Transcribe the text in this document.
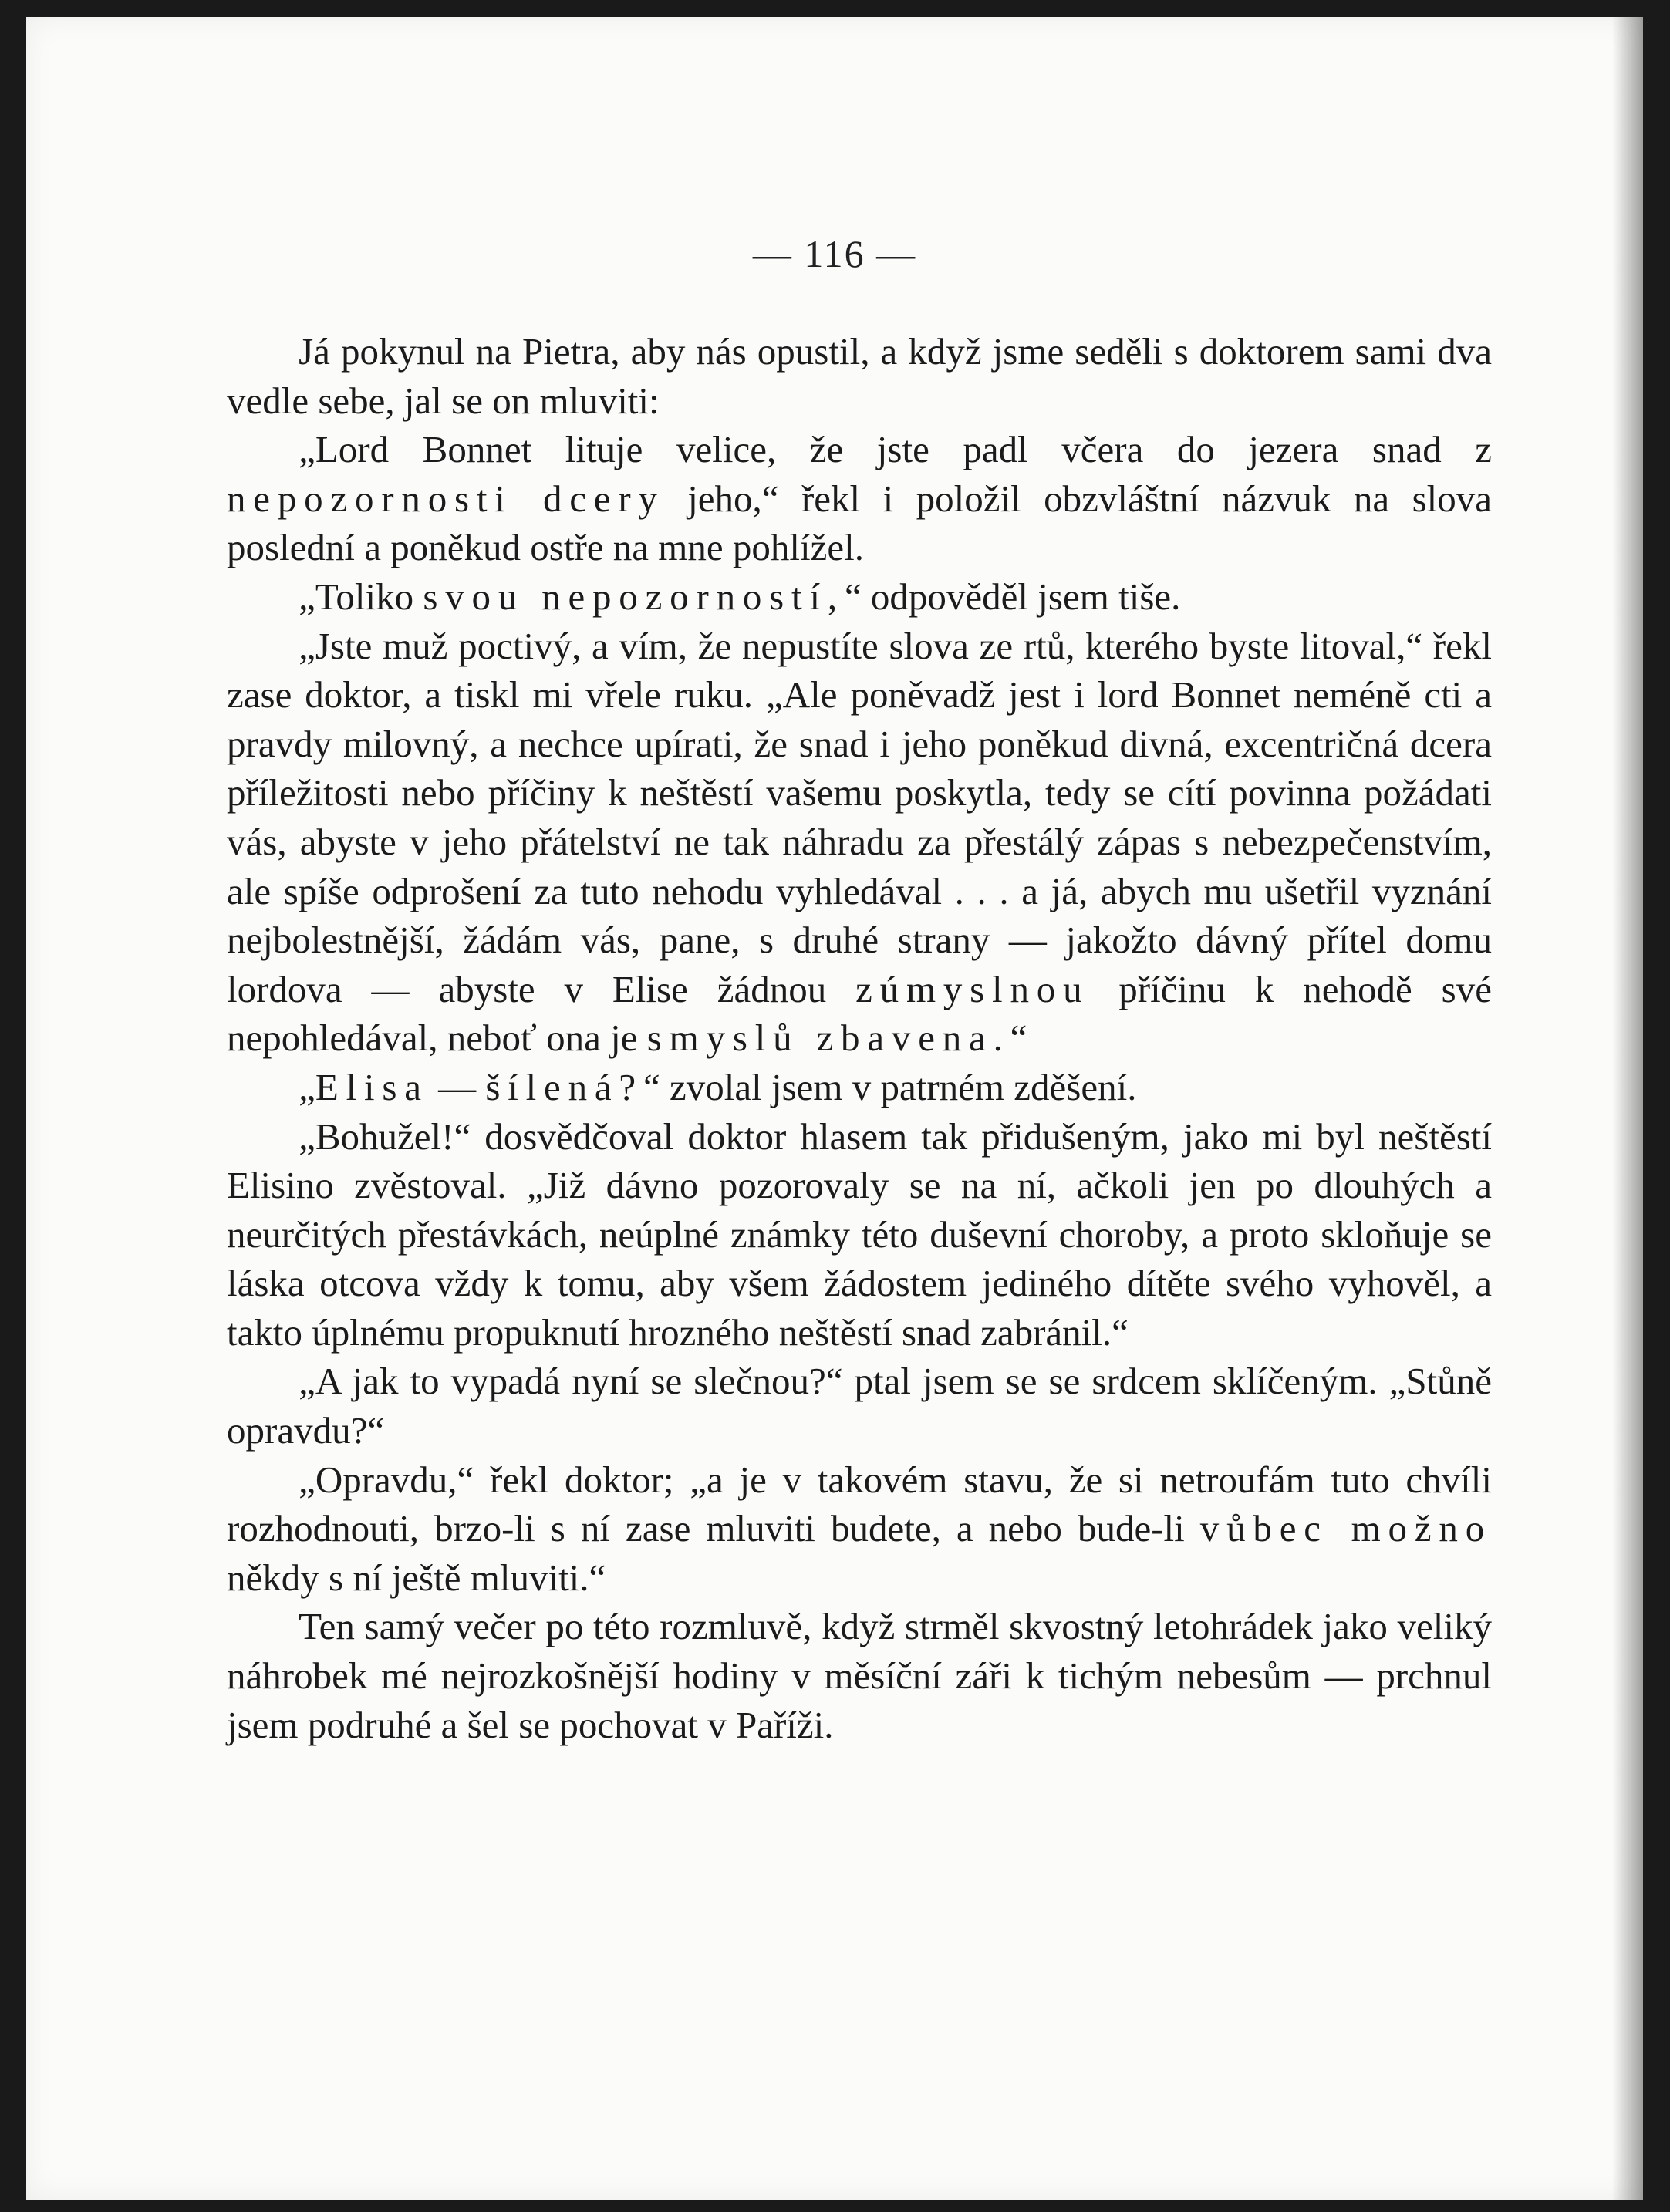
— 116 —

Já pokynul na Pietra, aby nás opustil, a když jsme seděli s doktorem sami dva vedle sebe, jal se on mluviti:

„Lord Bonnet lituje velice, že jste padl včera do jezera snad z nepozornosti dcery jeho,“ řekl i položil obzvláštní názvuk na slova poslední a poněkud ostře na mne pohlížel.

„Toliko svou nepozorností,“ odpověděl jsem tiše.

„Jste muž poctivý, a vím, že nepustíte slova ze rtů, kterého byste litoval,“ řekl zase doktor, a tiskl mi vřele ruku. „Ale poněvadž jest i lord Bonnet neméně cti a pravdy milovný, a nechce upírati, že snad i jeho poněkud divná, excentričná dcera příležitosti nebo příčiny k neštěstí vašemu poskytla, tedy se cítí povinna požádati vás, abyste v jeho přátelství ne tak náhradu za přestálý zápas s nebezpečenstvím, ale spíše odprošení za tuto nehodu vyhledával . . . a já, abych mu ušetřil vyznání nejbolestnější, žádám vás, pane, s druhé strany — jakožto dávný přítel domu lordova — abyste v Elise žádnou zúmyslnou příčinu k nehodě své nepohledával, neboť ona je smyslů zbavena.“

„Elisa — šílená?“ zvolal jsem v patrném zděšení.

„Bohužel!“ dosvědčoval doktor hlasem tak přidušeným, jako mi byl neštěstí Elisino zvěstoval. „Již dávno pozorovaly se na ní, ačkoli jen po dlouhých a neurčitých přestávkách, neúplné známky této duševní choroby, a proto skloňuje se láska otcova vždy k tomu, aby všem žádostem jediného dítěte svého vyhověl, a takto úplnému propuknutí hrozného neštěstí snad zabránil.“

„A jak to vypadá nyní se slečnou?“ ptal jsem se se srdcem sklíčeným. „Stůně opravdu?“

„Opravdu,“ řekl doktor; „a je v takovém stavu, že si netroufám tuto chvíli rozhodnouti, brzo-li s ní zase mluviti budete, a nebo bude-li vůbec možno někdy s ní ještě mluviti.“

Ten samý večer po této rozmluvě, když strměl skvostný letohrádek jako veliký náhrobek mé nejrozkošnější hodiny v měsíční záři k tichým nebesům — prchnul jsem podruhé a šel se pochovat v Paříži.
